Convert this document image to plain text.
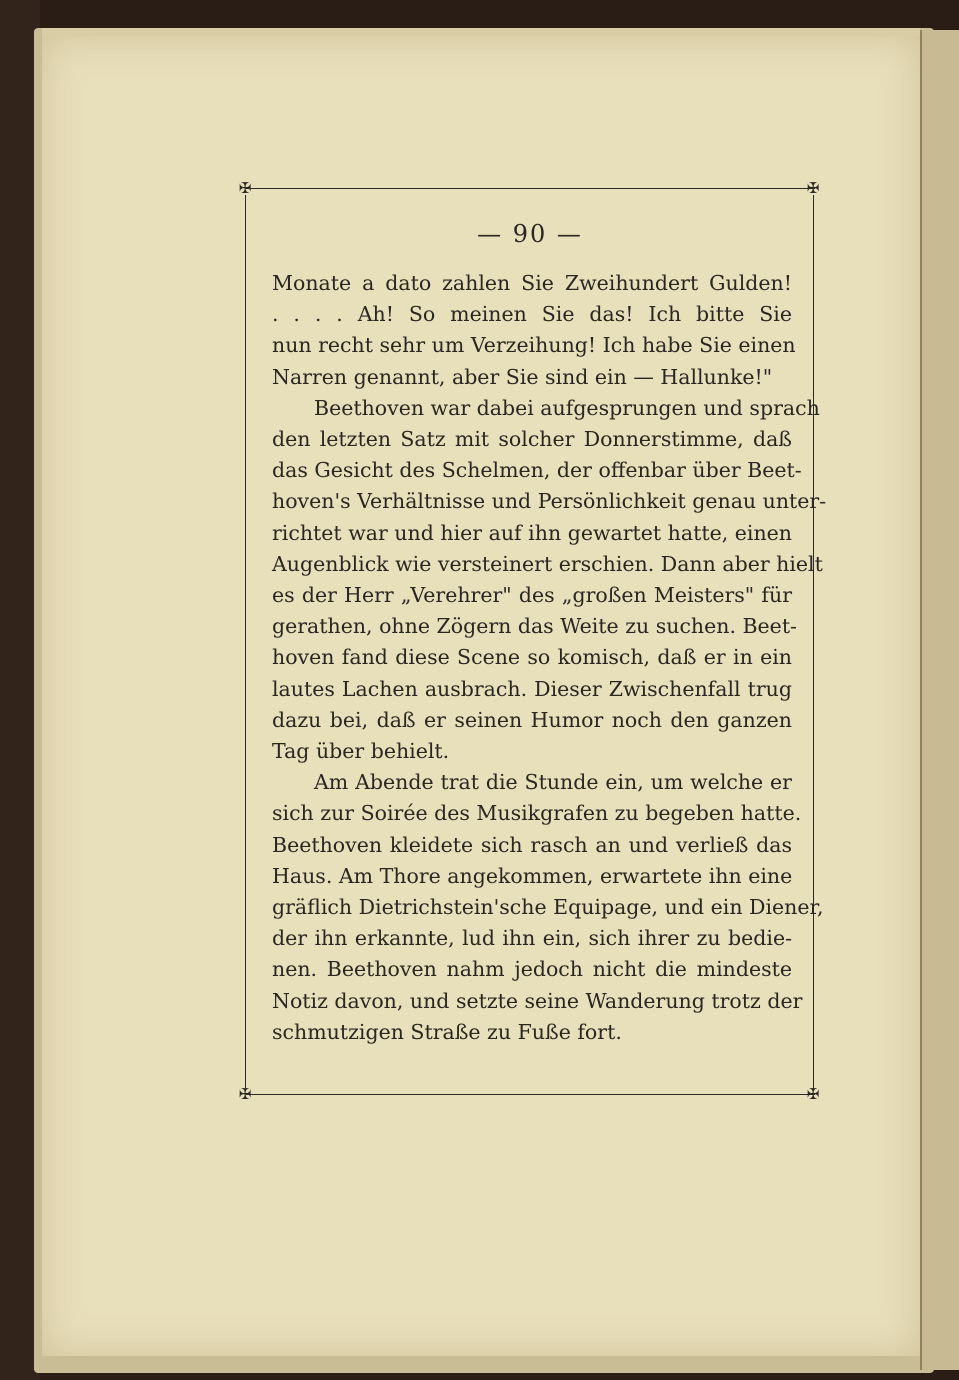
✠	✠
✠	✠
— 90 —
Monate a dato zahlen Sie Zweihundert Gulden!
. . . . Ah! So meinen Sie das! Ich bitte Sie
nun recht sehr um Verzeihung! Ich habe Sie einen
Narren genannt, aber Sie sind ein — Hallunke!"
Beethoven war dabei aufgesprungen und sprach
den letzten Satz mit solcher Donnerstimme, daß
das Gesicht des Schelmen, der offenbar über Beet-
hoven's Verhältnisse und Persönlichkeit genau unter-
richtet war und hier auf ihn gewartet hatte, einen
Augenblick wie versteinert erschien. Dann aber hielt
es der Herr „Verehrer" des „großen Meisters" für
gerathen, ohne Zögern das Weite zu suchen. Beet-
hoven fand diese Scene so komisch, daß er in ein
lautes Lachen ausbrach. Dieser Zwischenfall trug
dazu bei, daß er seinen Humor noch den ganzen
Tag über behielt.
Am Abende trat die Stunde ein, um welche er
sich zur Soirée des Musikgrafen zu begeben hatte.
Beethoven kleidete sich rasch an und verließ das
Haus. Am Thore angekommen, erwartete ihn eine
gräflich Dietrichstein'sche Equipage, und ein Diener,
der ihn erkannte, lud ihn ein, sich ihrer zu bedie-
nen. Beethoven nahm jedoch nicht die mindeste
Notiz davon, und setzte seine Wanderung trotz der
schmutzigen Straße zu Fuße fort.
